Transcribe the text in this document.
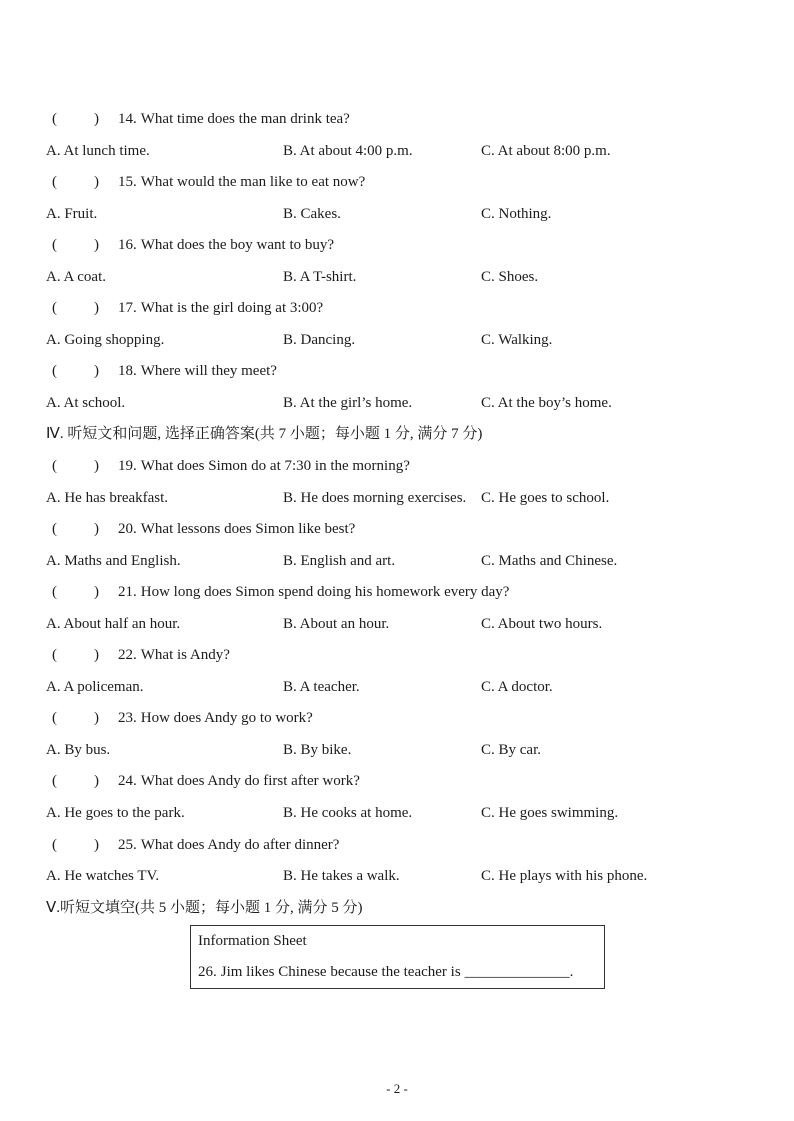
( ) 14. What time does the man drink tea?
A. At lunch time.	B. At about 4:00 p.m.	C. At about 8:00 p.m.
( ) 15. What would the man like to eat now?
A. Fruit.	B. Cakes.	C. Nothing.
( ) 16. What does the boy want to buy?
A. A coat.	B. A T-shirt.	C. Shoes.
( ) 17. What is the girl doing at 3:00?
A. Going shopping.	B. Dancing.	C. Walking.
( ) 18. Where will they meet?
A. At school.	B. At the girl’s home.	C. At the boy’s home.
Ⅳ. 听短文和问题, 选择正确答案(共 7 小题；每小题 1 分, 满分 7 分)
( ) 19. What does Simon do at 7:30 in the morning?
A. He has breakfast.	B. He does morning exercises. C. He goes to school.
( ) 20. What lessons does Simon like best?
A. Maths and English.	B. English and art.	C. Maths and Chinese.
( ) 21. How long does Simon spend doing his homework every day?
A. About half an hour.	B. About an hour.	C. About two hours.
( ) 22. What is Andy?
A. A policeman.	B. A teacher.	C. A doctor.
( ) 23. How does Andy go to work?
A. By bus.	B. By bike.	C. By car.
( ) 24. What does Andy do first after work?
A. He goes to the park.	B. He cooks at home.	C. He goes swimming.
( ) 25. What does Andy do after dinner?
A. He watches TV.	B. He takes a walk.	C. He plays with his phone.
Ⅴ.听短文填空(共 5 小题；每小题 1 分, 满分 5 分)
Information Sheet
26. Jim likes Chinese because the teacher is ______________.
- 2 -
